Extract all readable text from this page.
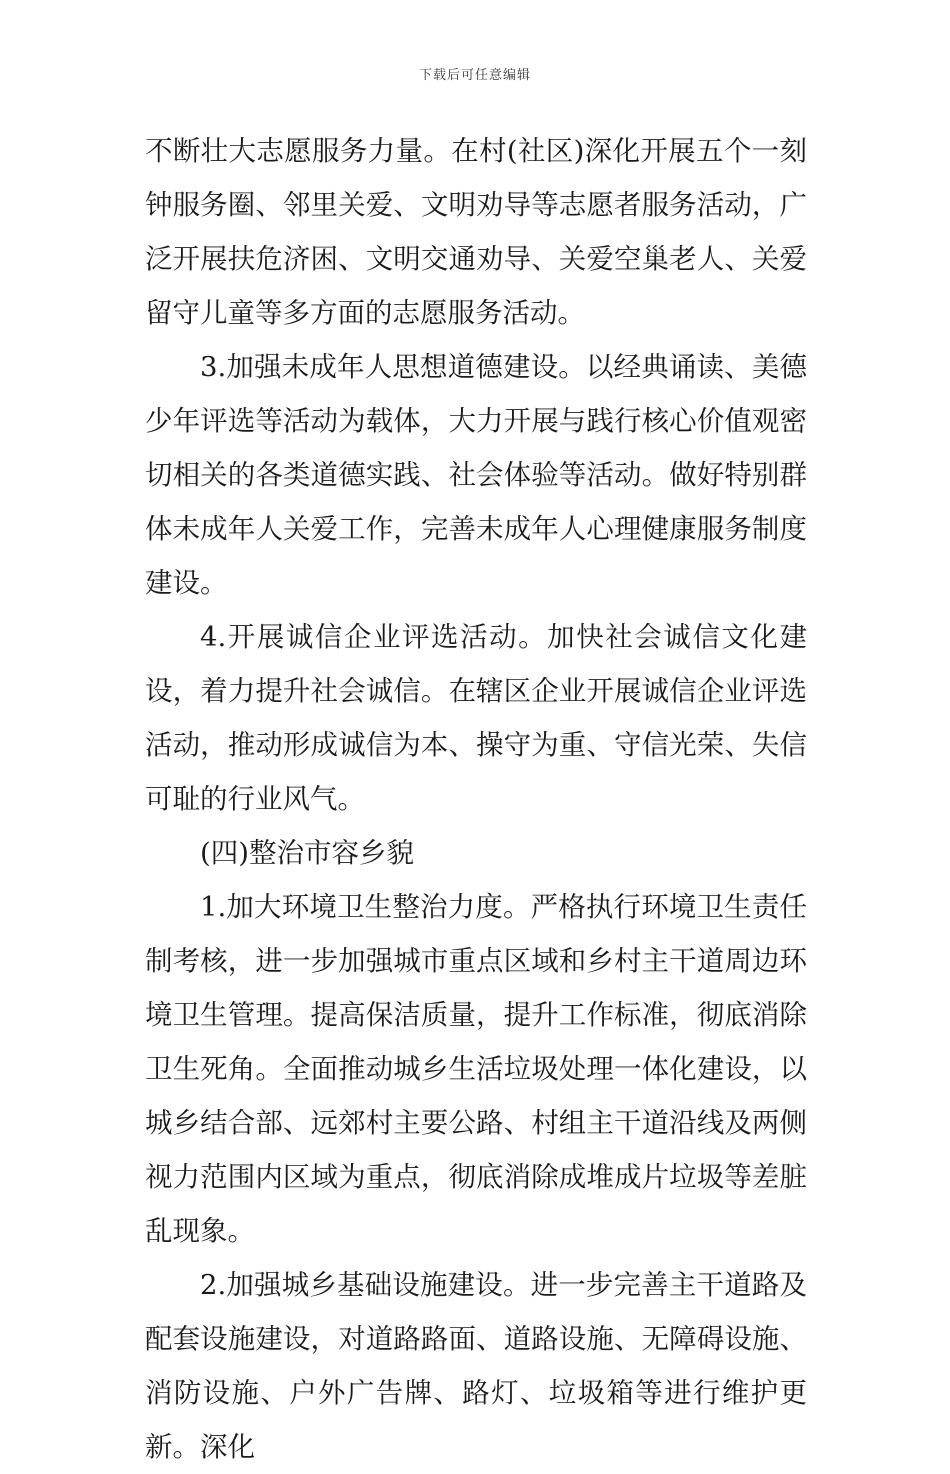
下载后可任意编辑

不断壮大志愿服务力量。在村(社区)深化开展五个一刻钟服务圈、邻里关爱、文明劝导等志愿者服务活动，广泛开展扶危济困、文明交通劝导、关爱空巢老人、关爱留守儿童等多方面的志愿服务活动。

3.加强未成年人思想道德建设。以经典诵读、美德少年评选等活动为载体，大力开展与践行核心价值观密切相关的各类道德实践、社会体验等活动。做好特别群体未成年人关爱工作，完善未成年人心理健康服务制度建设。

4.开展诚信企业评选活动。加快社会诚信文化建设，着力提升社会诚信。在辖区企业开展诚信企业评选活动，推动形成诚信为本、操守为重、守信光荣、失信可耻的行业风气。

(四)整治市容乡貌

1.加大环境卫生整治力度。严格执行环境卫生责任制考核，进一步加强城市重点区域和乡村主干道周边环境卫生管理。提高保洁质量，提升工作标准，彻底消除卫生死角。全面推动城乡生活垃圾处理一体化建设，以城乡结合部、远郊村主要公路、村组主干道沿线及两侧视力范围内区域为重点，彻底消除成堆成片垃圾等差脏乱现象。

2.加强城乡基础设施建设。进一步完善主干道路及配套设施建设，对道路路面、道路设施、无障碍设施、消防设施、户外广告牌、路灯、垃圾箱等进行维护更新。深化
